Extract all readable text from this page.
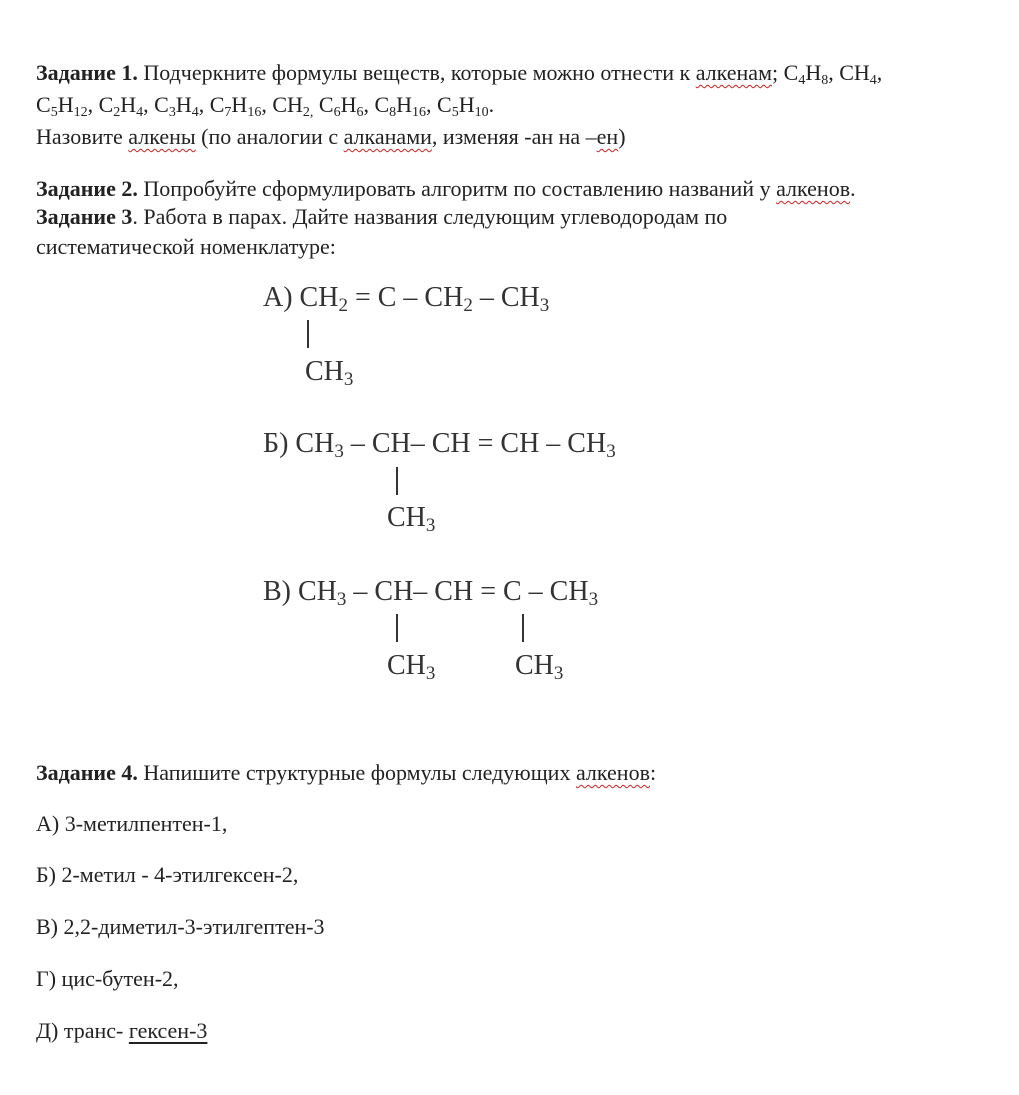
Задание 1. Подчеркните формулы веществ, которые можно отнести к алкенам; $C_4H_8$, $CH_4$,
$C_5H_{12}$, $C_2H_4$, $C_3H_4$, $C_7H_{16}$, $CH_{2,}$ $C_6H_6$, $C_8H_{16}$, $C_5H_{10}$.
Назовите алкены (по аналогии с алканами, изменяя -ан на –ен)
Задание 2. Попробуйте сформулировать алгоритм по составлению названий у алкенов.
Задание 3. Работа в парах. Дайте названия следующим углеводородам по
систематической номенклатуре:
А) $CH_2 = C - CH_2 - CH_3$
$CH_3$
Б) $CH_3 - CH-$ CH = CH – $CH_3$
$CH_3$
В) $CH_3 - CH-$ CH = C – $CH_3$
$CH_3$	$CH_3$
Задание 4. Напишите структурные формулы следующих алкенов:
А) 3-метилпентен-1,
Б) 2-метил - 4-этилгексен-2,
В) 2,2-диметил-3-этилгептен-3
Г) цис-бутен-2,
Д) транс- гексен-3
